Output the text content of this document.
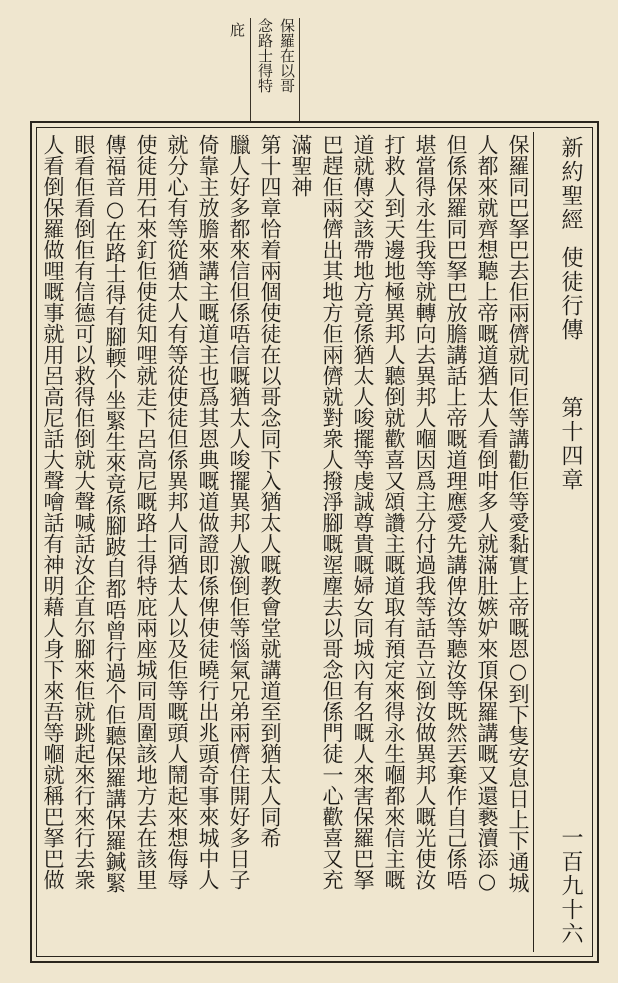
保羅在以哥
念路士得特
庇
新約聖經
使徒行傳
第十四章
一百九十六
保羅同巴拏巴去佢兩儕就同佢等講勸佢等愛黏實上帝嘅恩○到下隻安息日上下通城
人都來就齊想聽上帝嘅道猶太人看倒咁多人就滿肚嫉妒來頂保羅講嘅又還褻瀆添○
但係保羅同巴拏巴放膽講話上帝嘅道理應愛先講俾汝等聽汝等既然丟棄作自己係唔
堪當得永生我等就轉向去異邦人嗰因爲主分付過我等話吾立倒汝做異邦人嘅光使汝
打救人到天邊地極異邦人聽倒就歡喜又頌讚主嘅道取有預定來得永生嗰都來信主嘅
道就傳交該帶地方竟係猶太人唆擺等虔誠尊貴嘅婦女同城內有名嘅人來害保羅巴拏
巴趕佢兩儕出其地方佢兩儕就對衆人撥淨腳嘅埿塵去以哥念但係門徒一心歡喜又充
滿聖神
第十四章恰着兩個使徒在以哥念同下入猶太人嘅教會堂就講道至到猶太人同希
臘人好多都來信但係唔信嘅猶太人唆擺異邦人激倒佢等惱氣兄弟兩儕住開好多日子
倚靠主放膽來講主嘅道主也爲其恩典嘅道做證即係俾使徒曉行出兆頭奇事來城中人
就分心有等從猶太人有等從使徒但係異邦人同猶太人以及佢等嘅頭人鬧起來想侮辱
使徒用石來釘佢使徒知哩就走下呂高尼嘅路士得特庇兩座城同周圍該地方去在該里
傳福音○在路士得有腳輭个坐緊生來竟係腳跛自都唔曾行過个佢聽保羅講保羅鍼緊
眼看佢看倒佢有信德可以救得佢倒就大聲喊話汝企直尔腳來佢就跳起來行來行去衆
人看倒保羅做哩嘅事就用呂高尼話大聲噲話有神明藉人身下來吾等嗰就稱巴拏巴做
